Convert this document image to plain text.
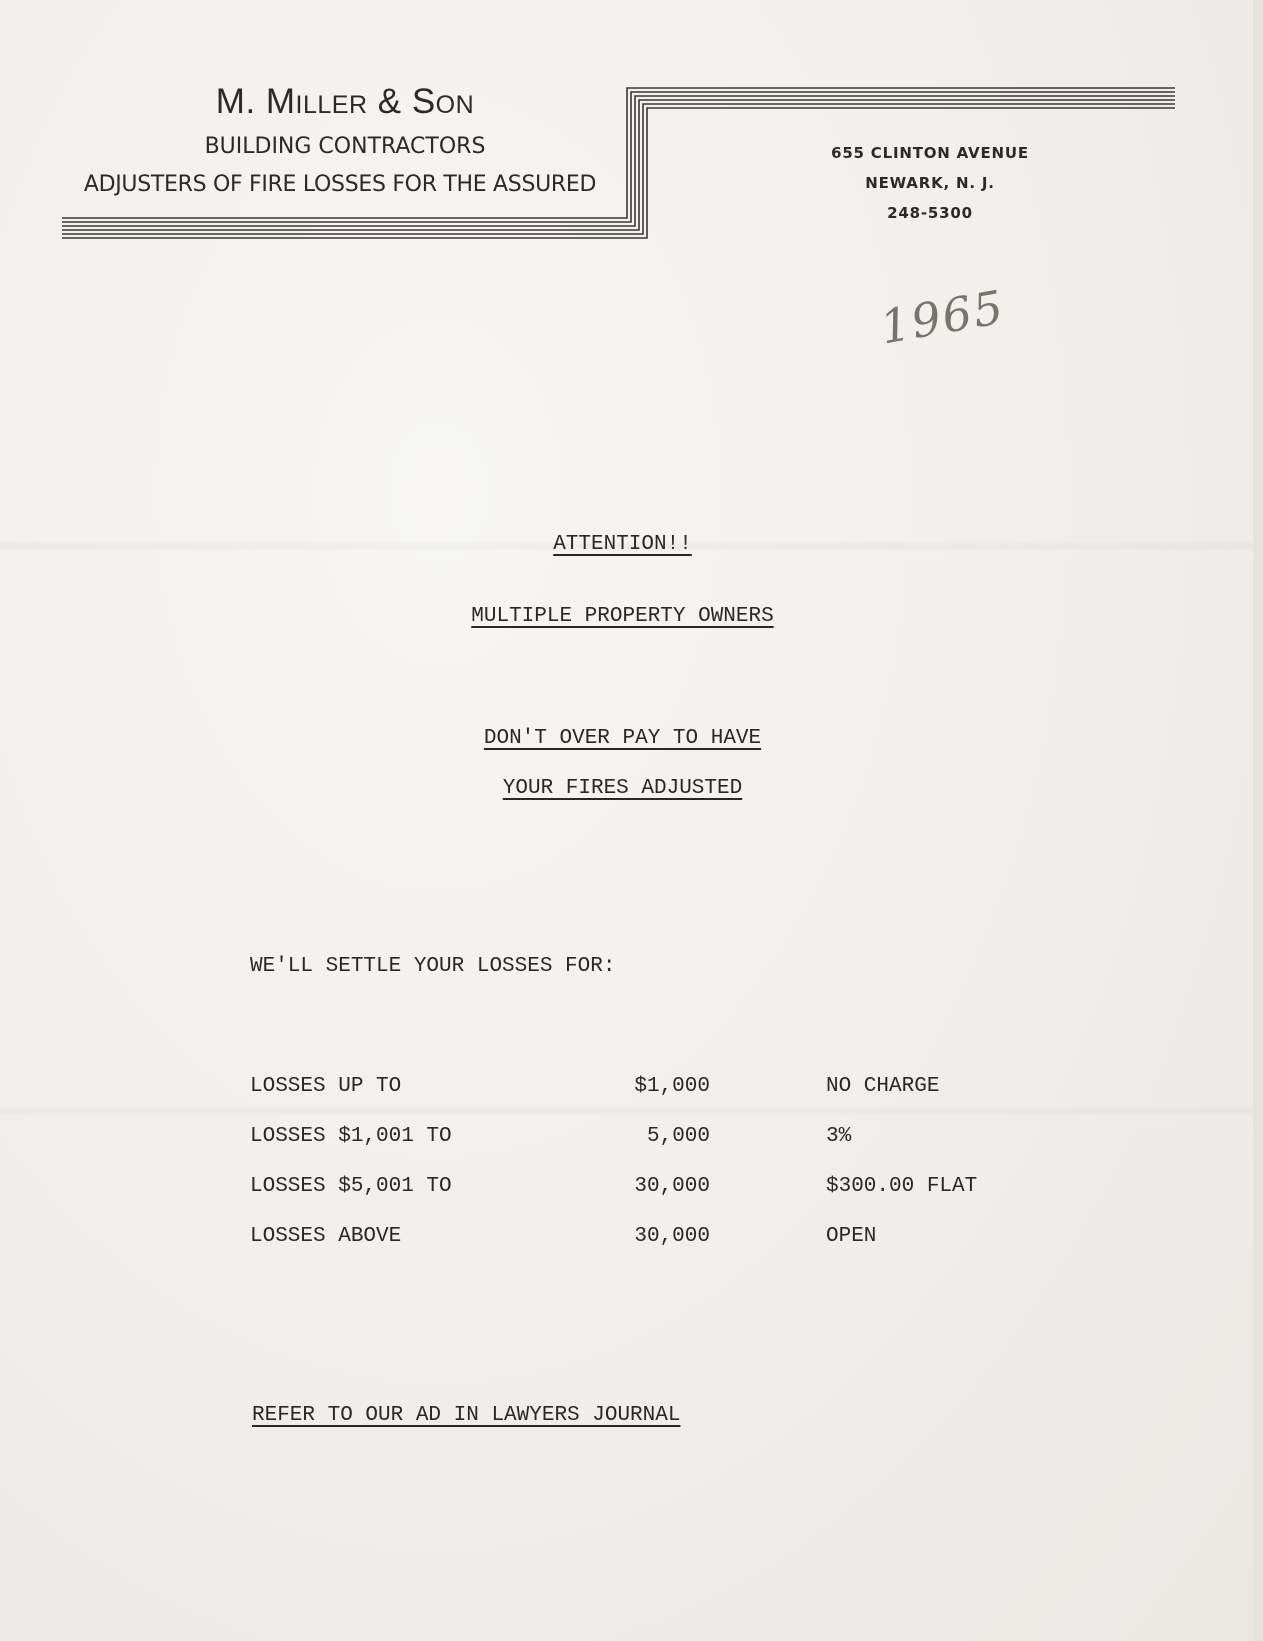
M. Miller & Son
BUILDING CONTRACTORS
ADJUSTERS OF FIRE LOSSES FOR THE ASSURED
655 CLINTON AVENUE
NEWARK, N. J.
248-5300
1965
ATTENTION!!
MULTIPLE PROPERTY OWNERS
DON'T OVER PAY TO HAVE
YOUR FIRES ADJUSTED
WE'LL SETTLE YOUR LOSSES FOR:
LOSSES UP TO	$1,000	NO CHARGE
LOSSES $1,001 TO	5,000	3%
LOSSES $5,001 TO	30,000	$300.00 FLAT
LOSSES ABOVE	30,000	OPEN
REFER TO OUR AD IN LAWYERS JOURNAL
